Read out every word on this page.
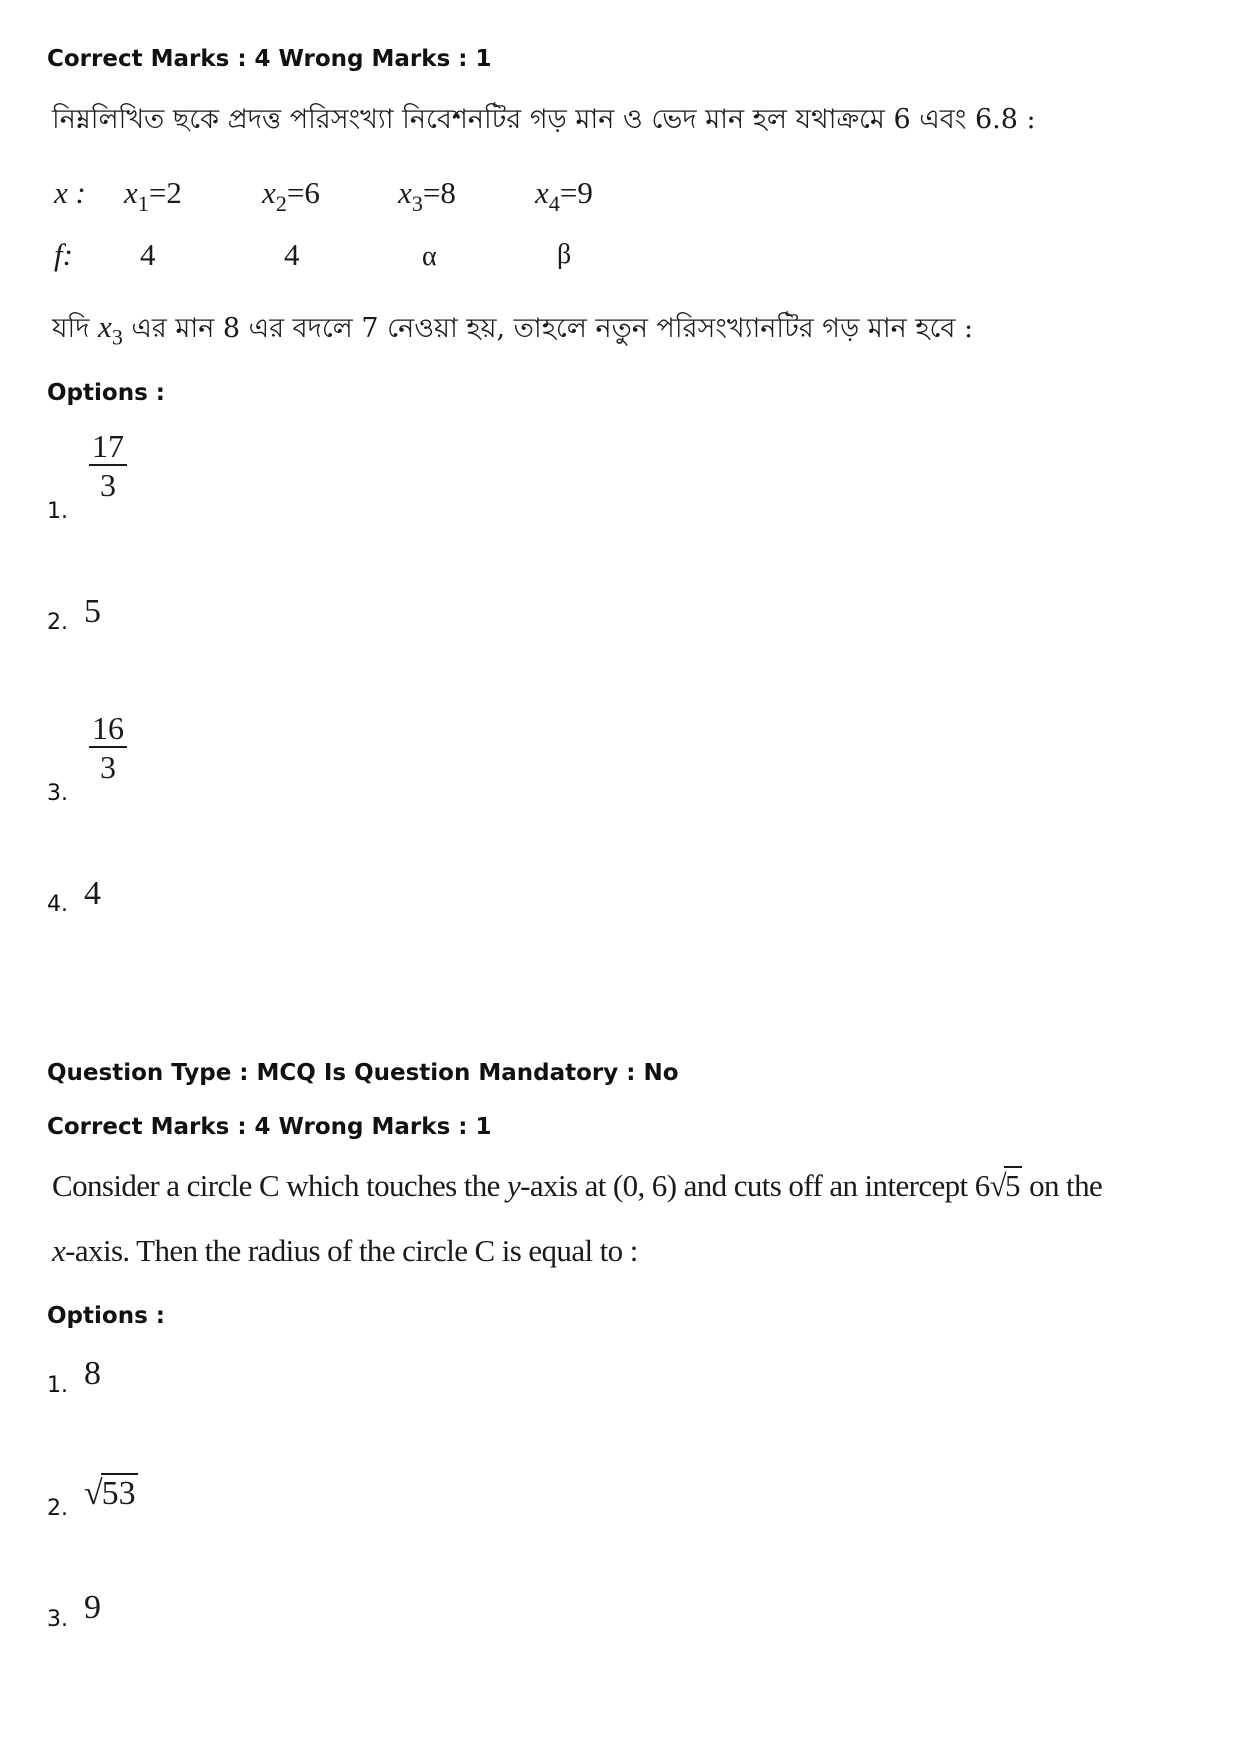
Correct Marks : 4 Wrong Marks : 1
নিম্নলিখিত ছকে প্রদত্ত পরিসংখ্যা নিবেশনটির গড় মান ও ভেদ মান হল যথাক্রমে 6 এবং 6.8 :
x : $x_1=2$	$x_2=6$	$x_3=8$	$x_4=9$
f: 4	4	α	β
যদি $x_3$ এর মান 8 এর বদলে 7 নেওয়া হয়, তাহলে নতুন পরিসংখ্যানটির গড় মান হবে :
Options :
1.
17
3
2. 5
3.
16
3
4. 4
Question Type : MCQ Is Question Mandatory : No
Correct Marks : 4 Wrong Marks : 1
Consider a circle C which touches the y-axis at (0, 6) and cuts off an intercept 6√5 on the
x-axis. Then the radius of the circle C is equal to :
Options :
1. 8
2. √53
3. 9
